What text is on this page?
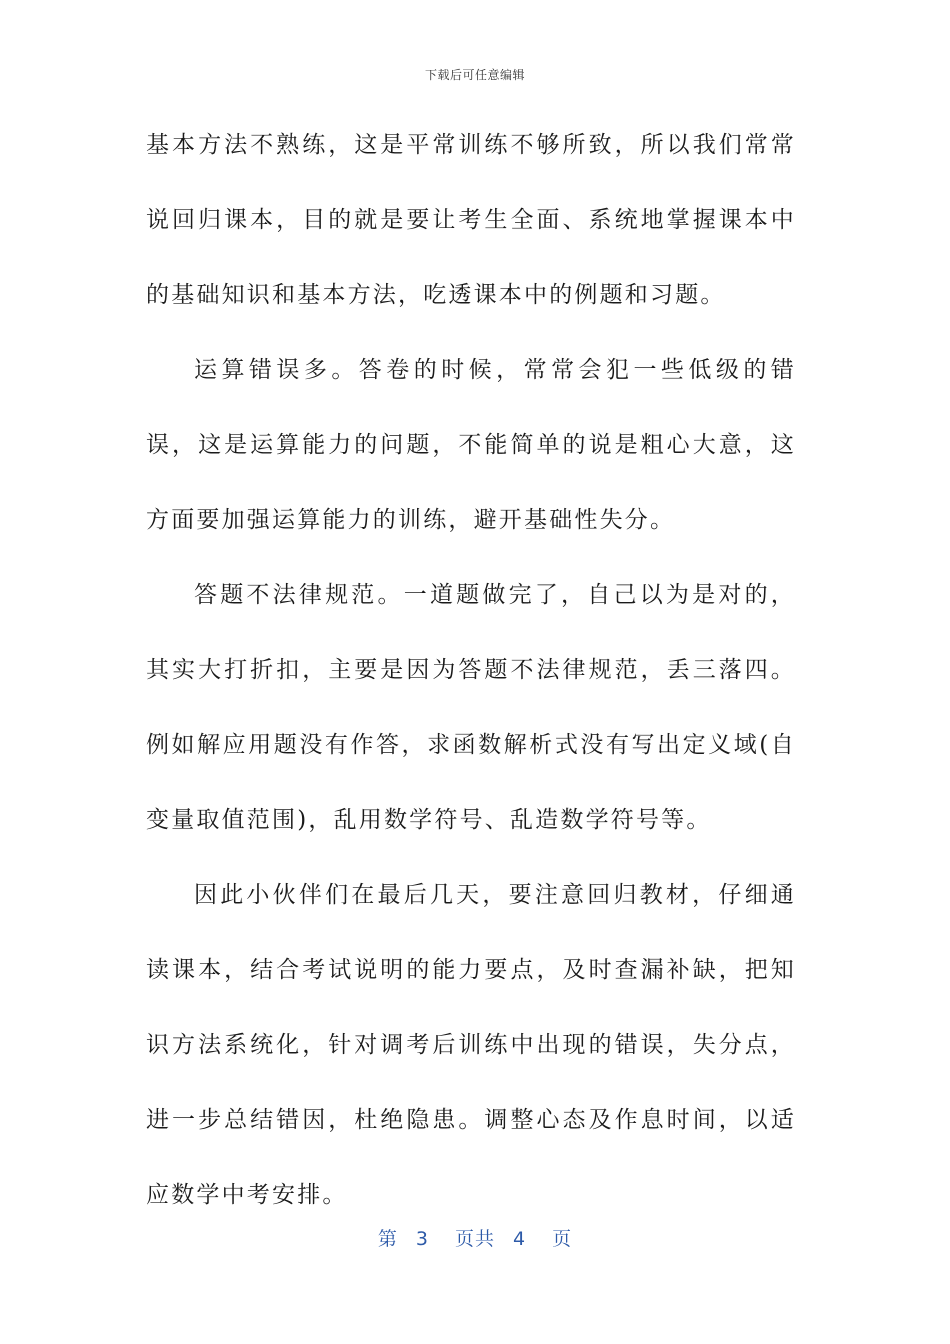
下载后可任意编辑

基本方法不熟练，这是平常训练不够所致，所以我们常常说回归课本，目的就是要让考生全面、系统地掌握课本中的基础知识和基本方法，吃透课本中的例题和习题。

运算错误多。答卷的时候，常常会犯一些低级的错误，这是运算能力的问题，不能简单的说是粗心大意，这方面要加强运算能力的训练，避开基础性失分。

答题不法律规范。一道题做完了，自己以为是对的，其实大打折扣，主要是因为答题不法律规范，丢三落四。例如解应用题没有作答，求函数解析式没有写出定义域(自变量取值范围)，乱用数学符号、乱造数学符号等。

因此小伙伴们在最后几天，要注意回归教材，仔细通读课本，结合考试说明的能力要点，及时查漏补缺，把知识方法系统化，针对调考后训练中出现的错误，失分点，进一步总结错因，杜绝隐患。调整心态及作息时间，以适应数学中考安排。

第 3 页共 4 页
